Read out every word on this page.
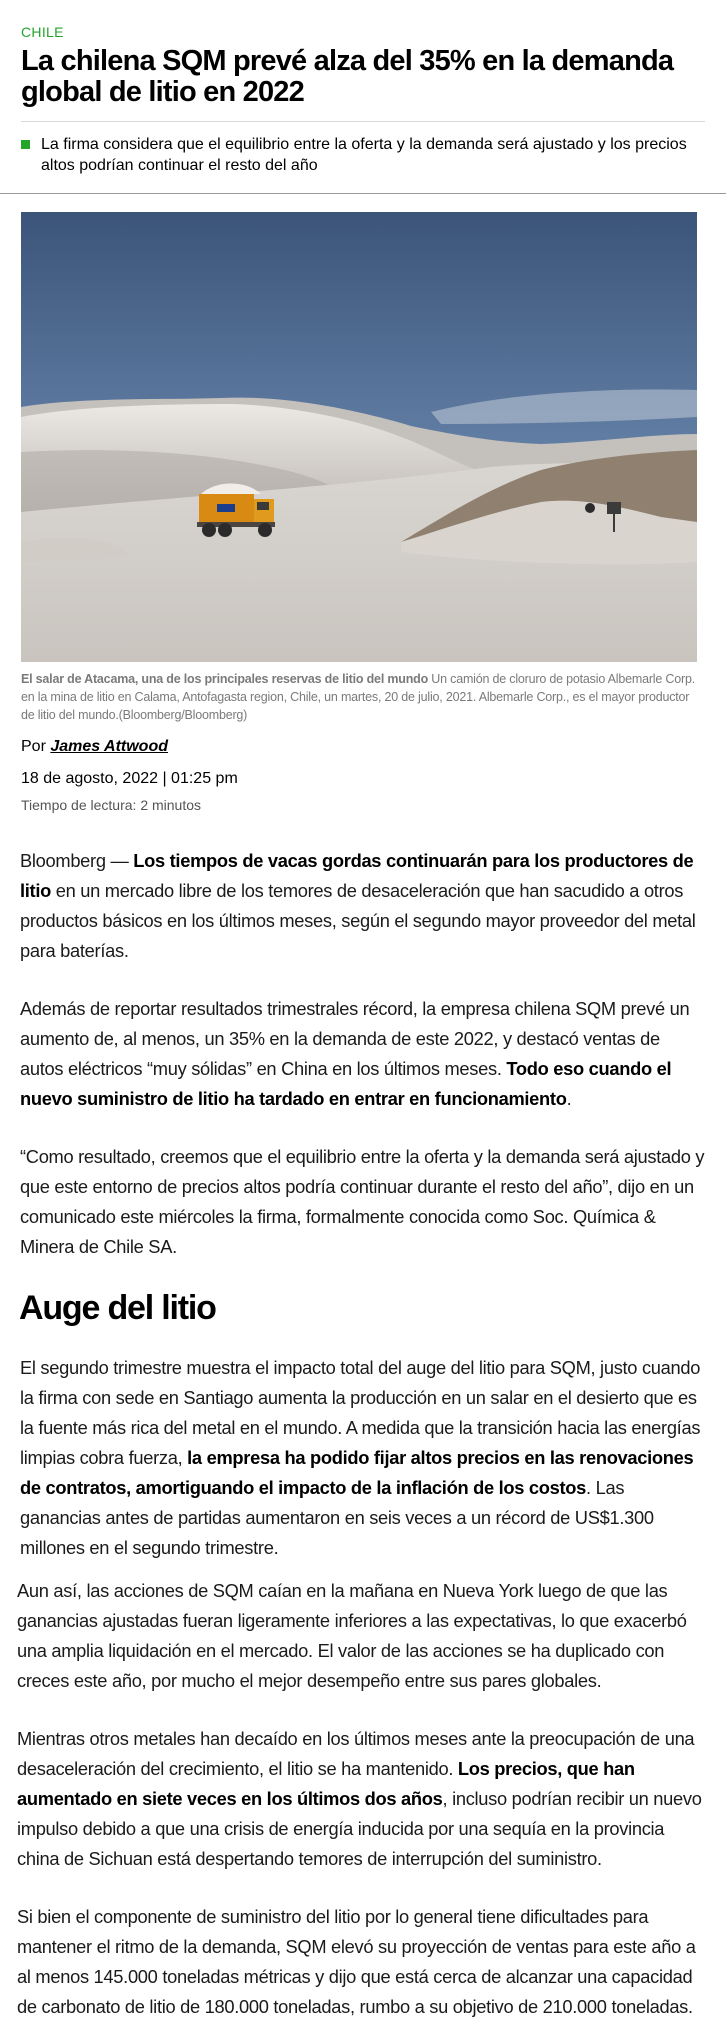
CHILE
La chilena SQM prevé alza del 35% en la demanda global de litio en 2022
La firma considera que el equilibrio entre la oferta y la demanda será ajustado y los precios altos podrían continuar el resto del año
El salar de Atacama, una de los principales reservas de litio del mundo Un camión de cloruro de potasio Albemarle Corp. en la mina de litio en Calama, Antofagasta region, Chile, un martes, 20 de julio, 2021. Albemarle Corp., es el mayor productor de litio del mundo.(Bloomberg/Bloomberg)
Por James Attwood
18 de agosto, 2022 | 01:25 pm
Tiempo de lectura: 2 minutos

Bloomberg — Los tiempos de vacas gordas continuarán para los productores de litio en un mercado libre de los temores de desaceleración que han sacudido a otros productos básicos en los últimos meses, según el segundo mayor proveedor del metal para baterías.

Además de reportar resultados trimestrales récord, la empresa chilena SQM prevé un aumento de, al menos, un 35% en la demanda de este 2022, y destacó ventas de autos eléctricos “muy sólidas” en China en los últimos meses. Todo eso cuando el nuevo suministro de litio ha tardado en entrar en funcionamiento.

“Como resultado, creemos que el equilibrio entre la oferta y la demanda será ajustado y que este entorno de precios altos podría continuar durante el resto del año”, dijo en un comunicado este miércoles la firma, formalmente conocida como Soc. Química & Minera de Chile SA.

Auge del litio

El segundo trimestre muestra el impacto total del auge del litio para SQM, justo cuando la firma con sede en Santiago aumenta la producción en un salar en el desierto que es la fuente más rica del metal en el mundo. A medida que la transición hacia las energías limpias cobra fuerza, la empresa ha podido fijar altos precios en las renovaciones de contratos, amortiguando el impacto de la inflación de los costos. Las ganancias antes de partidas aumentaron en seis veces a un récord de US$1.300 millones en el segundo trimestre.

Aun así, las acciones de SQM caían en la mañana en Nueva York luego de que las ganancias ajustadas fueran ligeramente inferiores a las expectativas, lo que exacerbó una amplia liquidación en el mercado. El valor de las acciones se ha duplicado con creces este año, por mucho el mejor desempeño entre sus pares globales.

Mientras otros metales han decaído en los últimos meses ante la preocupación de una desaceleración del crecimiento, el litio se ha mantenido. Los precios, que han aumentado en siete veces en los últimos dos años, incluso podrían recibir un nuevo impulso debido a que una crisis de energía inducida por una sequía en la provincia china de Sichuan está despertando temores de interrupción del suministro.

Si bien el componente de suministro del litio por lo general tiene dificultades para mantener el ritmo de la demanda, SQM elevó su proyección de ventas para este año a al menos 145.000 toneladas métricas y dijo que está cerca de alcanzar una capacidad de carbonato de litio de 180.000 toneladas, rumbo a su objetivo de 210.000 toneladas.
